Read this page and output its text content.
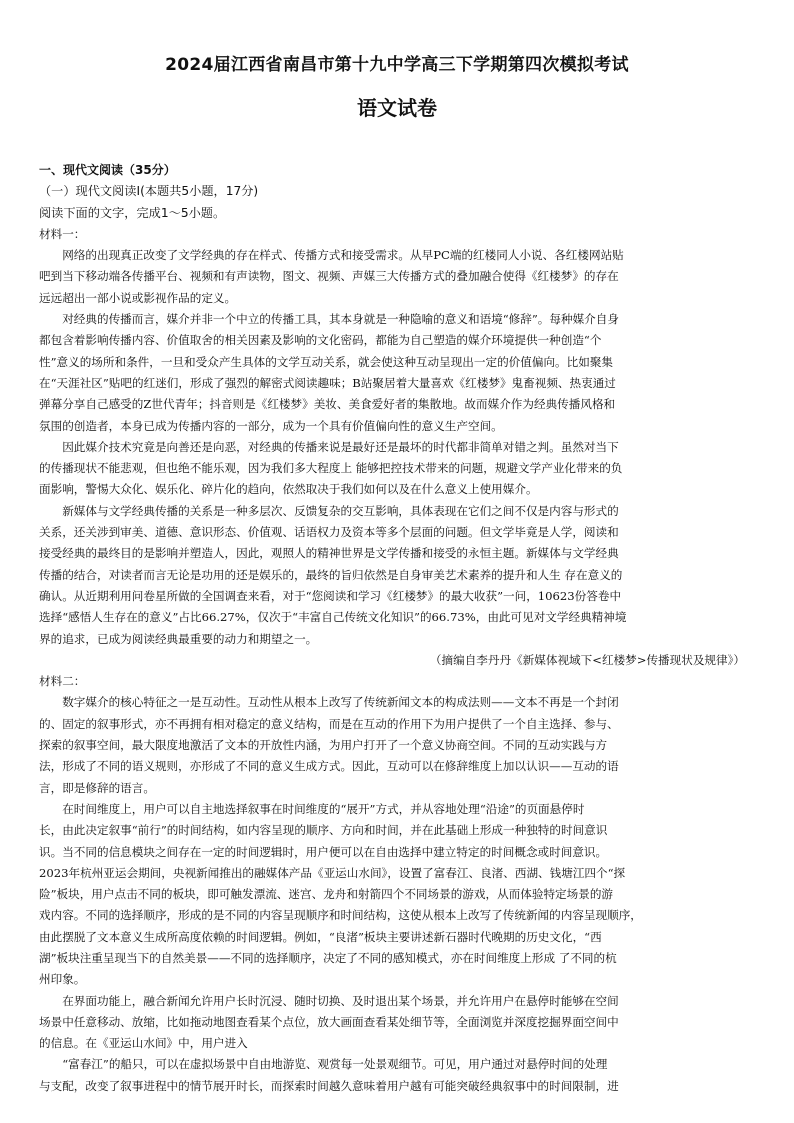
2024届江西省南昌市第十九中学高三下学期第四次模拟考试
语文试卷
一、现代文阅读（35分）
（一）现代文阅读Ⅰ(本题共5小题，17分)
阅读下面的文字，完成1～5小题。
材料一：
网络的出现真正改变了文学经典的存在样式、传播方式和接受需求。从早PC端的红楼同人小说、各红楼网站贴
吧到当下移动端各传播平台、视频和有声读物，图文、视频、声媒三大传播方式的叠加融合使得《红楼梦》的存在
远远超出一部小说或影视作品的定义。
对经典的传播而言，媒介并非一个中立的传播工具，其本身就是一种隐喻的意义和语境“修辞”。每种媒介自身
都包含着影响传播内容、价值取舍的相关因素及影响的文化密码，都能为自己塑造的媒介环境提供一种创造“个
性”意义的场所和条件，一旦和受众产生具体的文学互动关系，就会使这种互动呈现出一定的价值偏向。比如聚集
在“天涯社区”贴吧的红迷们，形成了强烈的解密式阅读趣味；B站聚居着大量喜欢《红楼梦》鬼畜视频、热衷通过
弹幕分享自己感受的Z世代青年；抖音则是《红楼梦》美妆、美食爱好者的集散地。故而媒介作为经典传播风格和
氛围的创造者，本身已成为传播内容的一部分，成为一个具有价值偏向性的意义生产空间。
因此媒介技术究竟是向善还是向恶，对经典的传播来说是最好还是最坏的时代都非简单对错之判。虽然对当下
的传播现状不能悲观，但也绝不能乐观，因为我们多大程度上 能够把控技术带来的问题，规避文学产业化带来的负
面影响，警惕大众化、娱乐化、碎片化的趋向，依然取决于我们如何以及在什么意义上使用媒介。
新媒体与文学经典传播的关系是一种多层次、反馈复杂的交互影响，具体表现在它们之间不仅是内容与形式的
关系，还关涉到审美、道德、意识形态、价值观、话语权力及资本等多个层面的问题。但文学毕竟是人学，阅读和
接受经典的最终目的是影响并塑造人，因此，观照人的精神世界是文学传播和接受的永恒主题。新媒体与文学经典
传播的结合，对读者而言无论是功用的还是娱乐的，最终的旨归依然是自身审美艺术素养的提升和人生 存在意义的
确认。从近期利用问卷星所做的全国调查来看，对于“您阅读和学习《红楼梦》的最大收获”一问，10623份答卷中
选择“感悟人生存在的意义”占比66.27%，仅次于“丰富自己传统文化知识”的66.73%，由此可见对文学经典精神境
界的追求，已成为阅读经典最重要的动力和期望之一。
（摘编自李丹丹《新媒体视域下<红楼梦>传播现状及规律》）
材料二：
数字媒介的核心特征之一是互动性。互动性从根本上改写了传统新闻文本的构成法则——文本不再是一个封闭
的、固定的叙事形式，亦不再拥有相对稳定的意义结构，而是在互动的作用下为用户提供了一个自主选择、参与、
探索的叙事空间，最大限度地激活了文本的开放性内涵，为用户打开了一个意义协商空间。不同的互动实践与方
法，形成了不同的语义规则，亦形成了不同的意义生成方式。因此，互动可以在修辞维度上加以认识——互动的语
言，即是修辞的语言。
在时间维度上，用户可以自主地选择叙事在时间维度的“展开”方式，并从容地处理“沿途”的页面悬停时
长，由此决定叙事“前行”的时间结构，如内容呈现的顺序、方向和时间，并在此基础上形成一种独特的时间意识
识。当不同的信息模块之间存在一定的时间逻辑时，用户便可以在自由选择中建立特定的时间概念或时间意识。
2023年杭州亚运会期间，央视新闻推出的融媒体产品《亚运山水间》，设置了富春江、良渚、西湖、钱塘江四个“探
险”板块，用户点击不同的板块，即可触发漂流、迷宫、龙舟和射箭四个不同场景的游戏，从而体验特定场景的游
戏内容。不同的选择顺序，形成的是不同的内容呈现顺序和时间结构，这使从根本上改写了传统新闻的内容呈现顺序，
由此摆脱了文本意义生成所高度依赖的时间逻辑。例如，“良渚”板块主要讲述新石器时代晚期的历史文化，“西
湖”板块注重呈现当下的自然美景——不同的选择顺序，决定了不同的感知模式，亦在时间维度上形成 了不同的杭
州印象。
在界面功能上，融合新闻允许用户长时沉浸、随时切换、及时退出某个场景，并允许用户在悬停时能够在空间
场景中任意移动、放缩，比如拖动地图查看某个点位，放大画面查看某处细节等，全面浏览并深度挖掘界面空间中
的信息。在《亚运山水间》中，用户进入
“富春江”的船只，可以在虚拟场景中自由地游览、观赏每一处景观细节。可见，用户通过对悬停时间的处理
与支配，改变了叙事进程中的情节展开时长，而探索时间越久意味着用户越有可能突破经典叙事中的时间限制，进
